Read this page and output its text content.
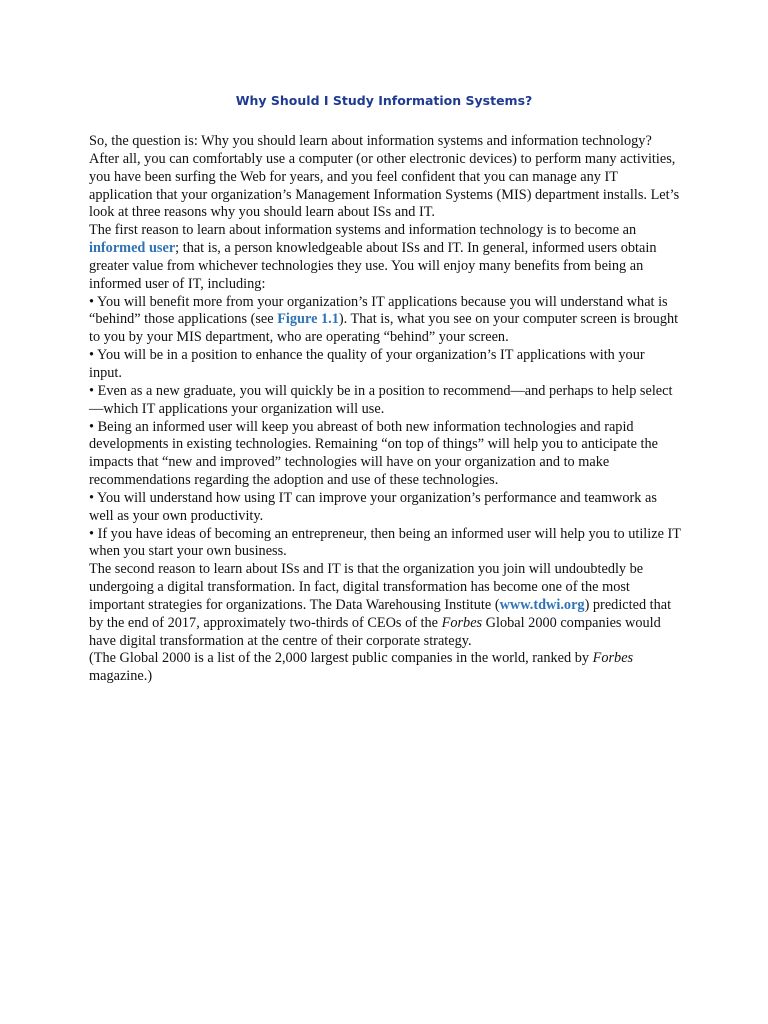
Why Should I Study Information Systems?

So, the question is: Why you should learn about information systems and information technology? After all, you can comfortably use a computer (or other electronic devices) to perform many activities, you have been surfing the Web for years, and you feel confident that you can manage any IT application that your organization’s Management Information Systems (MIS) department installs. Let’s look at three reasons why you should learn about ISs and IT.

The first reason to learn about information systems and information technology is to become an informed user; that is, a person knowledgeable about ISs and IT. In general, informed users obtain greater value from whichever technologies they use. You will enjoy many benefits from being an informed user of IT, including:

• You will benefit more from your organization’s IT applications because you will understand what is “behind” those applications (see Figure 1.1). That is, what you see on your computer screen is brought to you by your MIS department, who are operating “behind” your screen.

• You will be in a position to enhance the quality of your organization’s IT applications with your input.

• Even as a new graduate, you will quickly be in a position to recommend—and perhaps to help select—which IT applications your organization will use.

• Being an informed user will keep you abreast of both new information technologies and rapid developments in existing technologies. Remaining “on top of things” will help you to anticipate the impacts that “new and improved” technologies will have on your organization and to make recommendations regarding the adoption and use of these technologies.

• You will understand how using IT can improve your organization’s performance and teamwork as well as your own productivity.

• If you have ideas of becoming an entrepreneur, then being an informed user will help you to utilize IT when you start your own business.

The second reason to learn about ISs and IT is that the organization you join will undoubtedly be undergoing a digital transformation. In fact, digital transformation has become one of the most important strategies for organizations. The Data Warehousing Institute (www.tdwi.org) predicted that by the end of 2017, approximately two-thirds of CEOs of the Forbes Global 2000 companies would have digital transformation at the centre of their corporate strategy.

(The Global 2000 is a list of the 2,000 largest public companies in the world, ranked by Forbes magazine.)
